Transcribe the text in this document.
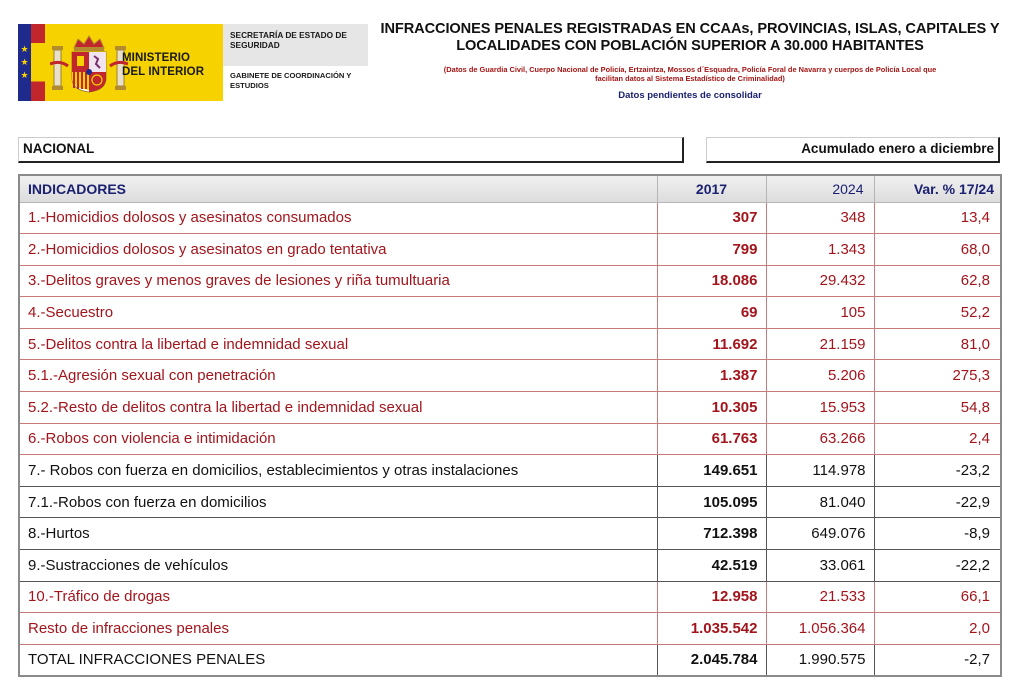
★
★
★
MINISTERIO
DEL INTERIOR
SECRETARÍA DE ESTADO DE SEGURIDAD
GABINETE DE COORDINACIÓN Y ESTUDIOS
INFRACCIONES PENALES REGISTRADAS EN CCAAs, PROVINCIAS, ISLAS, CAPITALES Y
LOCALIDADES CON POBLACIÓN SUPERIOR A 30.000 HABITANTES
(Datos de Guardia Civil, Cuerpo Nacional de Policía, Ertzaintza, Mossos d´Esquadra, Policía Foral de Navarra y cuerpos de Policía Local que
facilitan datos al Sistema Estadístico de Criminalidad)
Datos pendientes de consolidar
NACIONAL	Acumulado enero a diciembre
INDICADORES	2017	2024	Var. % 17/24
1.-Homicidios dolosos y asesinatos consumados	307	348	13,4
2.-Homicidios dolosos y asesinatos en grado tentativa	799	1.343	68,0
3.-Delitos graves y menos graves de lesiones y riña tumultuaria	18.086	29.432	62,8
4.-Secuestro	69	105	52,2
5.-Delitos contra la libertad e indemnidad sexual	11.692	21.159	81,0
5.1.-Agresión sexual con penetración	1.387	5.206	275,3
5.2.-Resto de delitos contra la libertad e indemnidad sexual	10.305	15.953	54,8
6.-Robos con violencia e intimidación	61.763	63.266	2,4
7.- Robos con fuerza en domicilios, establecimientos y otras instalaciones	149.651	114.978	-23,2
7.1.-Robos con fuerza en domicilios	105.095	81.040	-22,9
8.-Hurtos	712.398	649.076	-8,9
9.-Sustracciones de vehículos	42.519	33.061	-22,2
10.-Tráfico de drogas	12.958	21.533	66,1
Resto de infracciones penales	1.035.542	1.056.364	2,0
TOTAL INFRACCIONES PENALES	2.045.784	1.990.575	-2,7
